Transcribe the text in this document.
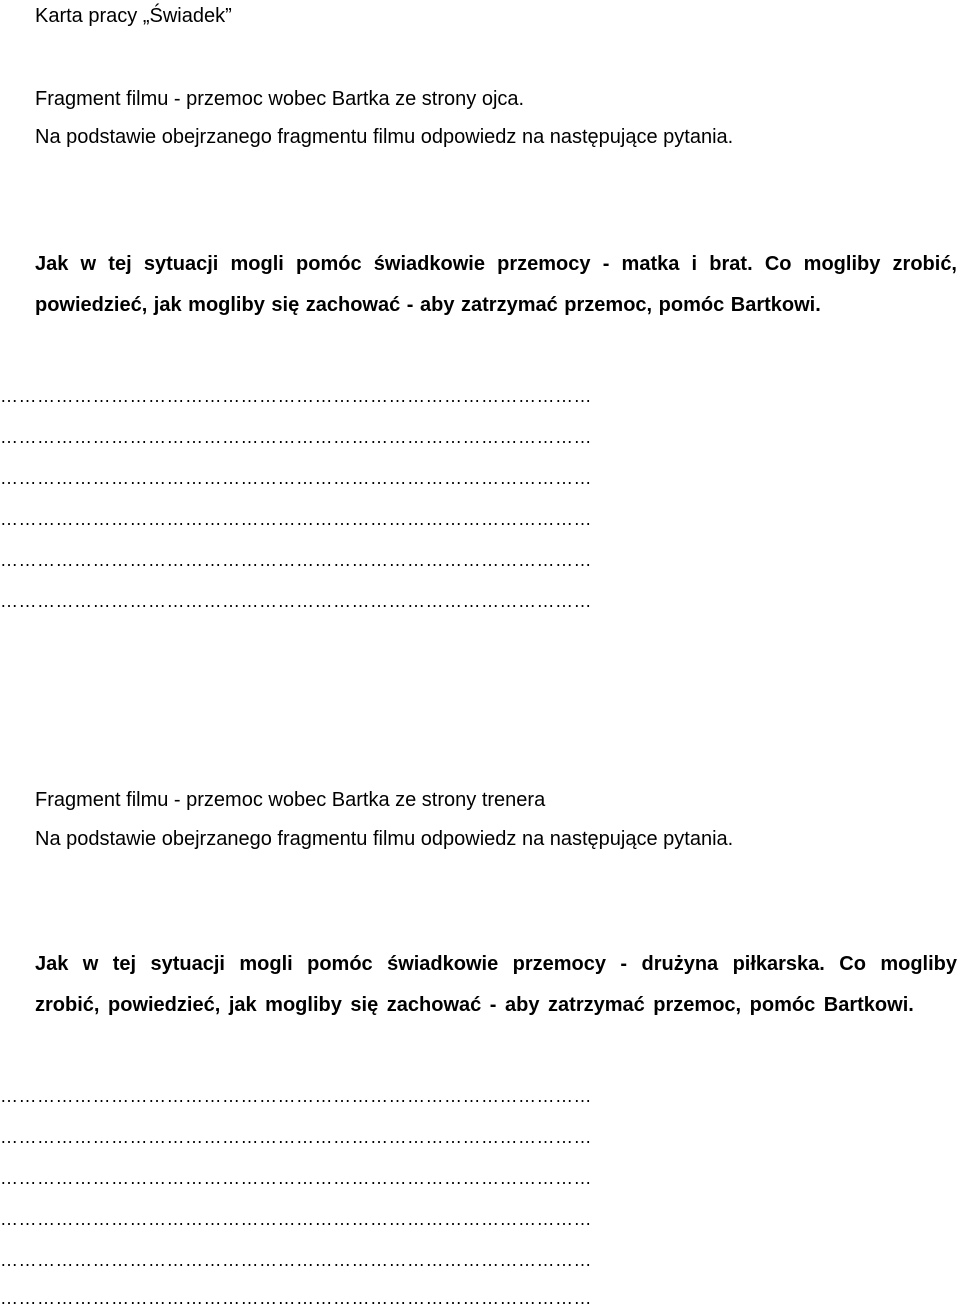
Karta pracy „Świadek”
Fragment filmu - przemoc wobec Bartka ze strony ojca.
Na podstawie obejrzanego fragmentu filmu odpowiedz na następujące pytania.
Jak w tej sytuacji mogli pomóc świadkowie przemocy - matka i brat. Co mogliby zrobić, powiedzieć, jak mogliby się zachować - aby zatrzymać przemoc, pomóc Bartkowi.
……………………………………………………………………………………
……………………………………………………………………………………
……………………………………………………………………………………
……………………………………………………………………………………
……………………………………………………………………………………
……………………………………………………………………………………
Fragment filmu - przemoc wobec Bartka ze strony trenera
Na podstawie obejrzanego fragmentu filmu odpowiedz na następujące pytania.
Jak w tej sytuacji mogli pomóc świadkowie przemocy - drużyna piłkarska. Co mogliby zrobić, powiedzieć, jak mogliby się zachować - aby zatrzymać przemoc, pomóc Bartkowi.
……………………………………………………………………………………
……………………………………………………………………………………
……………………………………………………………………………………
……………………………………………………………………………………
……………………………………………………………………………………
……………………………………………………………………………………
